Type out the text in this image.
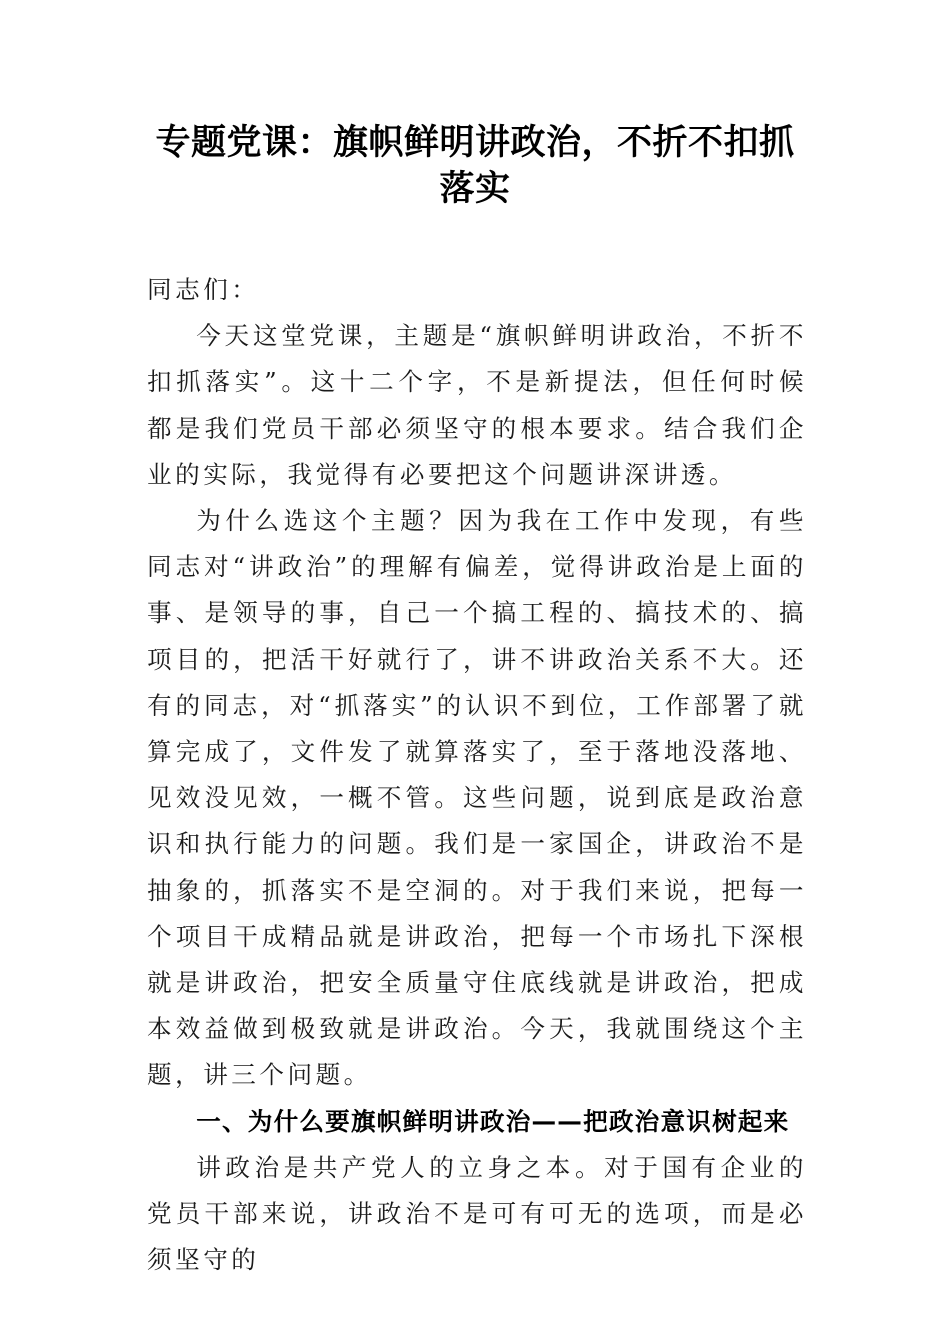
专题党课：旗帜鲜明讲政治，不折不扣抓落实

同志们：

今天这堂党课，主题是“旗帜鲜明讲政治，不折不扣抓落实”。这十二个字，不是新提法，但任何时候都是我们党员干部必须坚守的根本要求。结合我们企业的实际，我觉得有必要把这个问题讲深讲透。

为什么选这个主题？因为我在工作中发现，有些同志对“讲政治”的理解有偏差，觉得讲政治是上面的事、是领导的事，自己一个搞工程的、搞技术的、搞项目的，把活干好就行了，讲不讲政治关系不大。还有的同志，对“抓落实”的认识不到位，工作部署了就算完成了，文件发了就算落实了，至于落地没落地、见效没见效，一概不管。这些问题，说到底是政治意识和执行能力的问题。我们是一家国企，讲政治不是抽象的，抓落实不是空洞的。对于我们来说，把每一个项目干成精品就是讲政治，把每一个市场扎下深根就是讲政治，把安全质量守住底线就是讲政治，把成本效益做到极致就是讲政治。今天，我就围绕这个主题，讲三个问题。

一、为什么要旗帜鲜明讲政治——把政治意识树起来

讲政治是共产党人的立身之本。对于国有企业的党员干部来说，讲政治不是可有可无的选项，而是必须坚守的
